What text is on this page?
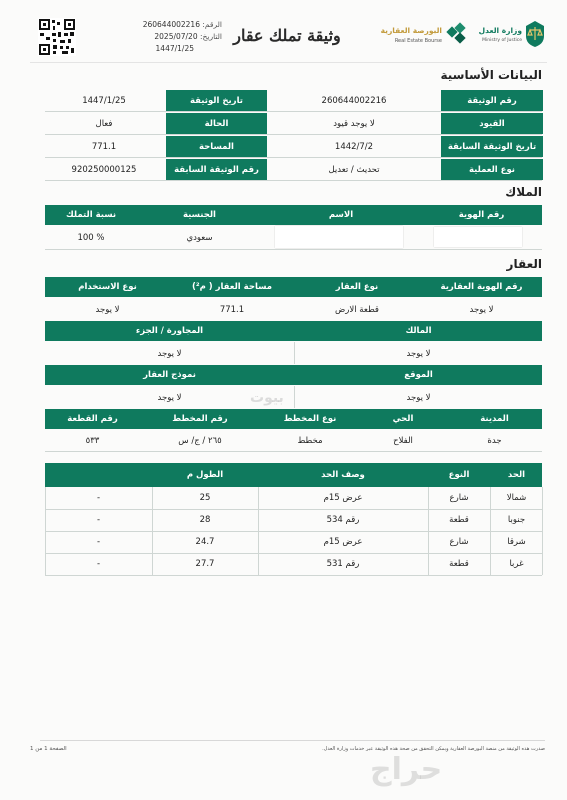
الرقم: 260644002216
التاريخ: 2025/07/20
1447/1/25
وثيقة تملك عقار	البورصة العقارية
Real Estate Bourse
وزارة العدل
Ministry of Justice
البيانات الأساسية
رقم الوثيقة
260644002216
تاريخ الوثيقة
1447/1/25
القيود
لا يوجد قيود
الحالة
فعال
تاريخ الوثيقة السابقة
1442/7/2
المساحة
771.1
نوع العملية
تحديث / تعديل
رقم الوثيقة السابقة
920250000125
الملاك
رقم الهوية
الاسم
الجنسية
نسبة التملك
سعودي
100 %
العقار
رقم الهوية العقارية
نوع العقار
مساحة العقار ( م²)
نوع الاستخدام
لا يوجد
قطعة الارض
771.1
لا يوجد
المالك
المجاورة / الجزء
لا يوجد
لا يوجد
الموقع
نموذج العقار
لا يوجد
لا يوجد
المدينة
الحي
نوع المخطط
رقم المخطط
رقم القطعة
جدة
الفلاح
مخطط
٢٦٥ / ج/ س
٥٣٣
بيوت
الحد
النوع
وصف الحد
الطول م
شمالا
شارع
عرض 15م
25
-
جنوبا
قطعة
رقم 534
28
-
شرقا
شارع
عرض 15م
24.7
-
غربا
قطعة
رقم 531
27.7
-
صدرت هذه الوثيقة من منصة البورصة العقارية ويمكن التحقق من صحة هذه الوثيقة عبر خدمات وزارة العدل.
الصفحة 1 من 1
حراج
